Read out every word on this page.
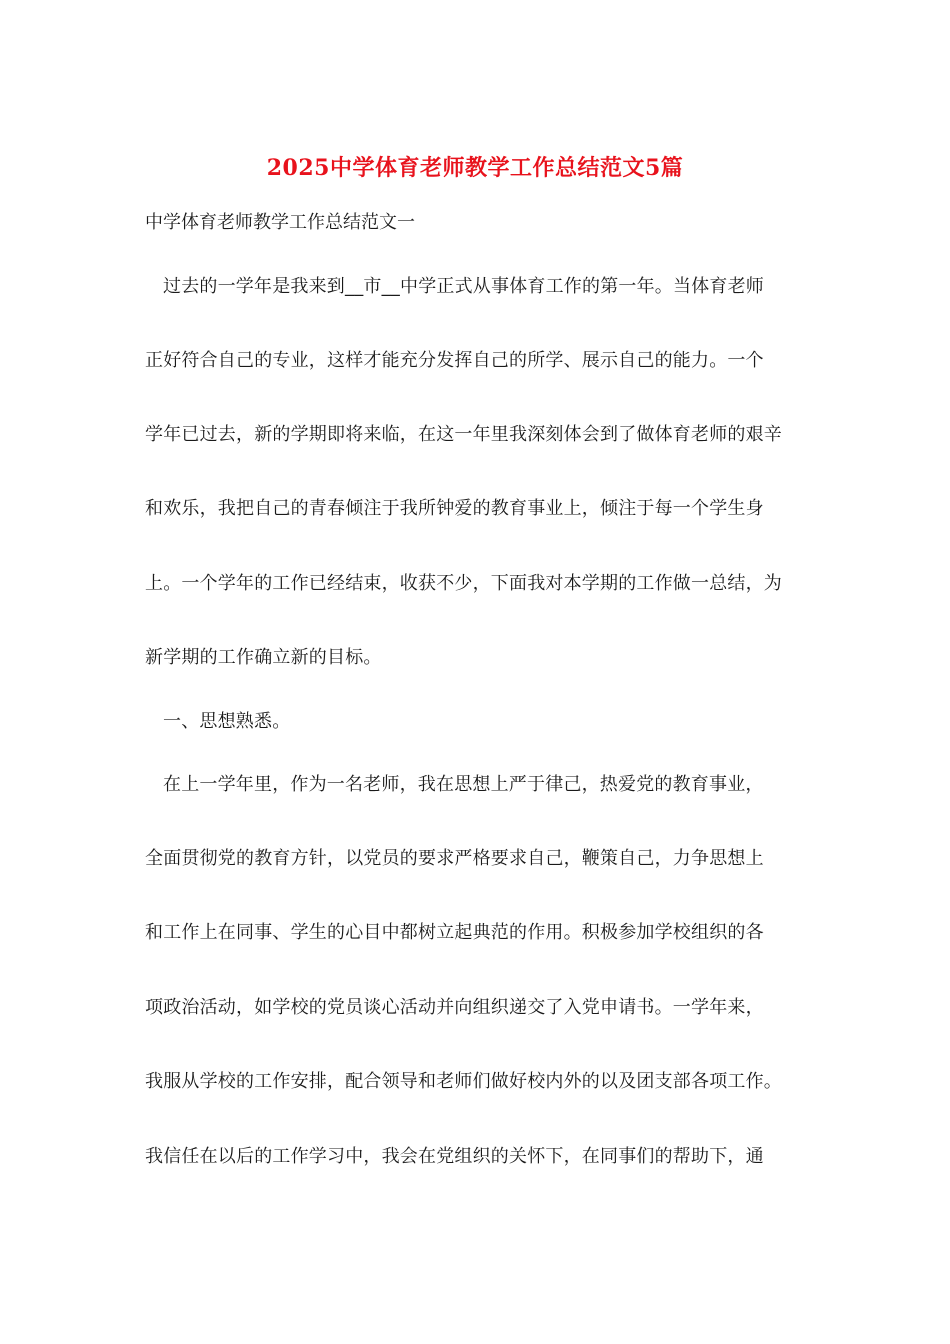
2025中学体育老师教学工作总结范文5篇
中学体育老师教学工作总结范文一
过去的一学年是我来到__市__中学正式从事体育工作的第一年。当体育老师
正好符合自己的专业，这样才能充分发挥自己的所学、展示自己的能力。一个
学年已过去，新的学期即将来临，在这一年里我深刻体会到了做体育老师的艰辛
和欢乐，我把自己的青春倾注于我所钟爱的教育事业上，倾注于每一个学生身
上。一个学年的工作已经结束，收获不少，下面我对本学期的工作做一总结，为
新学期的工作确立新的目标。
一、思想熟悉。
在上一学年里，作为一名老师，我在思想上严于律己，热爱党的教育事业，
全面贯彻党的教育方针，以党员的要求严格要求自己，鞭策自己，力争思想上
和工作上在同事、学生的心目中都树立起典范的作用。积极参加学校组织的各
项政治活动，如学校的党员谈心活动并向组织递交了入党申请书。一学年来，
我服从学校的工作安排，配合领导和老师们做好校内外的以及团支部各项工作。
我信任在以后的工作学习中，我会在党组织的关怀下，在同事们的帮助下，通
